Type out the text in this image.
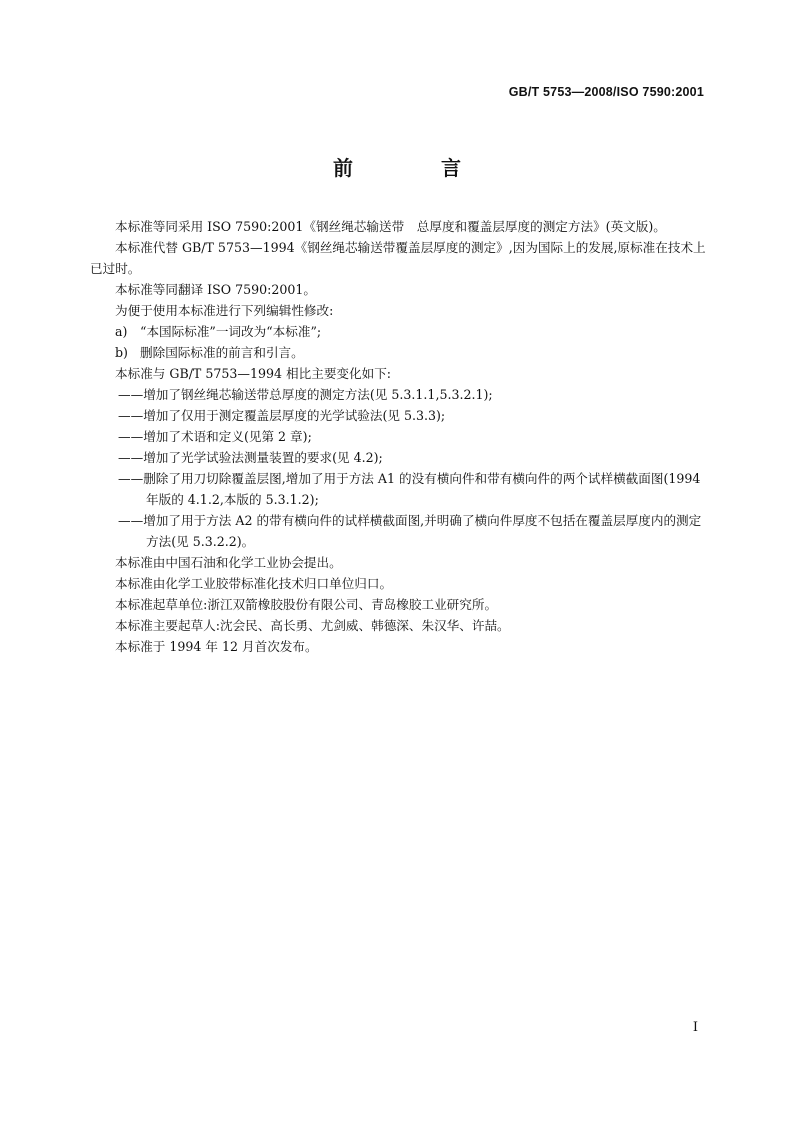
GB/T 5753—2008/ISO 7590:2001
前　言

本标准等同采用 ISO 7590:2001《钢丝绳芯输送带　总厚度和覆盖层厚度的测定方法》(英文版)。

本标准代替 GB/T 5753—1994《钢丝绳芯输送带覆盖层厚度的测定》,因为国际上的发展,原标准在技术上已过时。

本标准等同翻译 ISO 7590:2001。

为便于使用本标准进行下列编辑性修改:

a) “本国际标准”一词改为“本标准”;

b) 删除国际标准的前言和引言。

本标准与 GB/T 5753—1994 相比主要变化如下:

——增加了钢丝绳芯输送带总厚度的测定方法(见 5.3.1.1,5.3.2.1);

——增加了仅用于测定覆盖层厚度的光学试验法(见 5.3.3);

——增加了术语和定义(见第 2 章);

——增加了光学试验法测量装置的要求(见 4.2);

——删除了用刀切除覆盖层图,增加了用于方法 A1 的没有横向件和带有横向件的两个试样横截面图(1994 年版的 4.1.2,本版的 5.3.1.2);

——增加了用于方法 A2 的带有横向件的试样横截面图,并明确了横向件厚度不包括在覆盖层厚度内的测定方法(见 5.3.2.2)。

本标准由中国石油和化学工业协会提出。

本标准由化学工业胶带标准化技术归口单位归口。

本标准起草单位:浙江双箭橡胶股份有限公司、青岛橡胶工业研究所。

本标准主要起草人:沈会民、高长勇、尤剑威、韩德深、朱汉华、许喆。

本标准于 1994 年 12 月首次发布。

I
